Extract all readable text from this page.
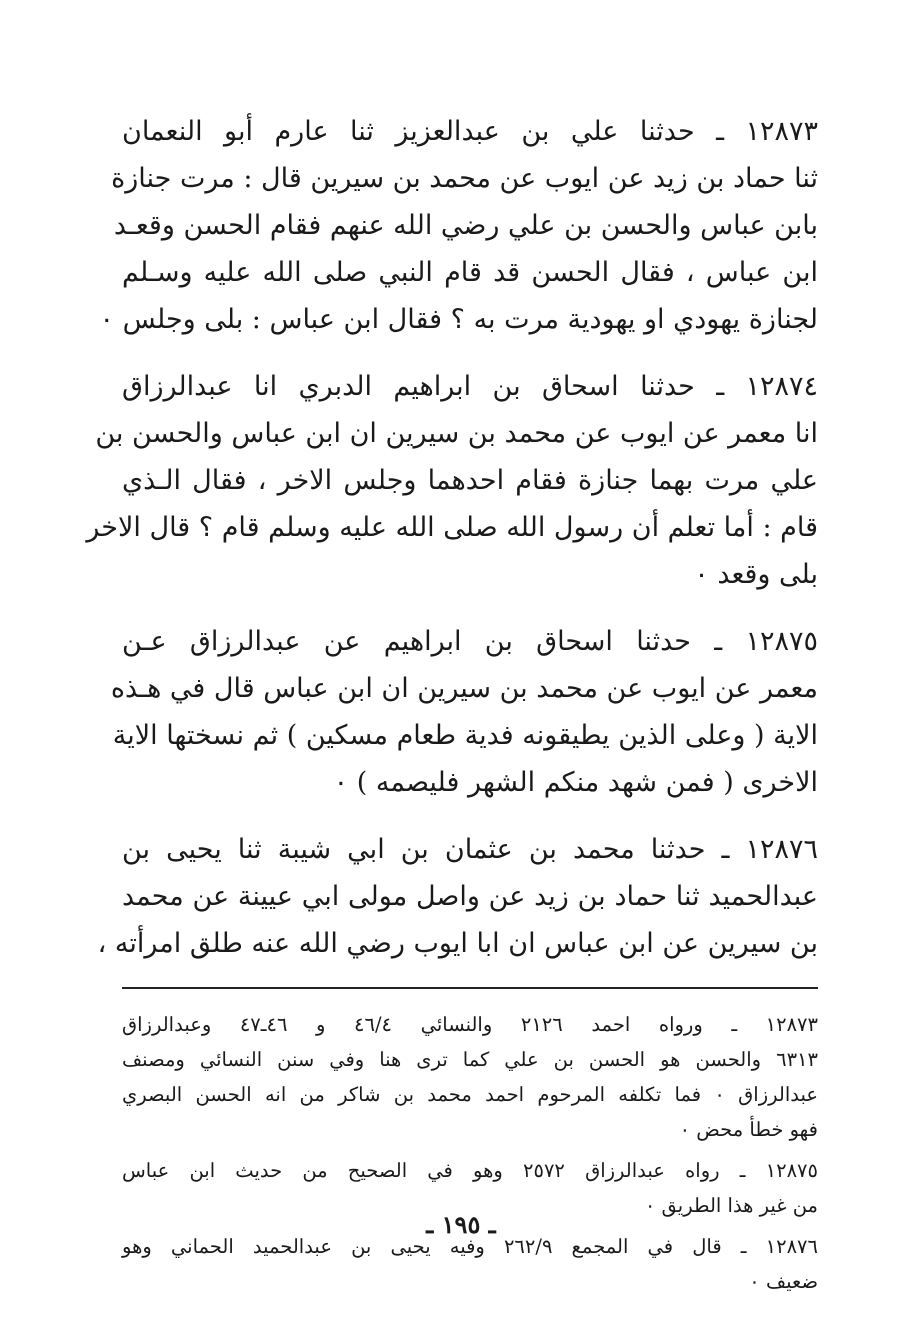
١٢٨٧٣ ـ حدثنا علي بن عبدالعزيز ثنا عارم أبو النعمان
ثنا حماد بن زيد عن ايوب عن محمد بن سيرين قال : مرت جنازة
بابن عباس والحسن بن علي رضي الله عنهم فقام الحسن وقعـد
ابن عباس ، فقال الحسن قد قام النبي صلى الله عليه وسـلم
لجنازة يهودي او يهودية مرت به ؟ فقال ابن عباس : بلى وجلس ٠
١٢٨٧٤ ـ حدثنا اسحاق بن ابراهيم الدبري انا عبدالرزاق
انا معمر عن ايوب عن محمد بن سيرين ان ابن عباس والحسن بن
علي مرت بهما جنازة فقام احدهما وجلس الاخر ، فقال الـذي
قام : أما تعلم أن رسول الله صلى الله عليه وسلم قام ؟ قال الاخر
بلى وقعد ٠
١٢٨٧٥ ـ حدثنا اسحاق بن ابراهيم عن عبدالرزاق عـن
معمر عن ايوب عن محمد بن سيرين ان ابن عباس قال في هـذه
الاية ( وعلى الذين يطيقونه فدية طعام مسكين ) ثم نسختها الاية
الاخرى ( فمن شهد منكم الشهر فليصمه ) ٠
١٢٨٧٦ ـ حدثنا محمد بن عثمان بن ابي شيبة ثنا يحيى بن
عبدالحميد ثنا حماد بن زيد عن واصل مولى ابي عيينة عن محمد
بن سيرين عن ابن عباس ان ابا ايوب رضي الله عنه طلق امرأته ،
١٢٨٧٣ ـ ورواه احمد ٢١٢٦ والنسائي ٤٦/٤ و ٤٦ـ٤٧ وعبدالرزاق
٦٣١٣ والحسن هو الحسن بن علي كما ترى هنا وفي سنن النسائي ومصنف
عبدالرزاق ٠ فما تكلفه المرحوم احمد محمد بن شاكر من انه الحسن البصري
فهو خطأ محض ٠
١٢٨٧٥ ـ رواه عبدالرزاق ٢٥٧٢ وهو في الصحيح من حديث ابن عباس
من غير هذا الطريق ٠
١٢٨٧٦ ـ قال في المجمع ٢٦٢/٩ وفيه يحيى بن عبدالحميد الحماني وهو
ضعيف ٠
ـ ١٩٥ ـ
